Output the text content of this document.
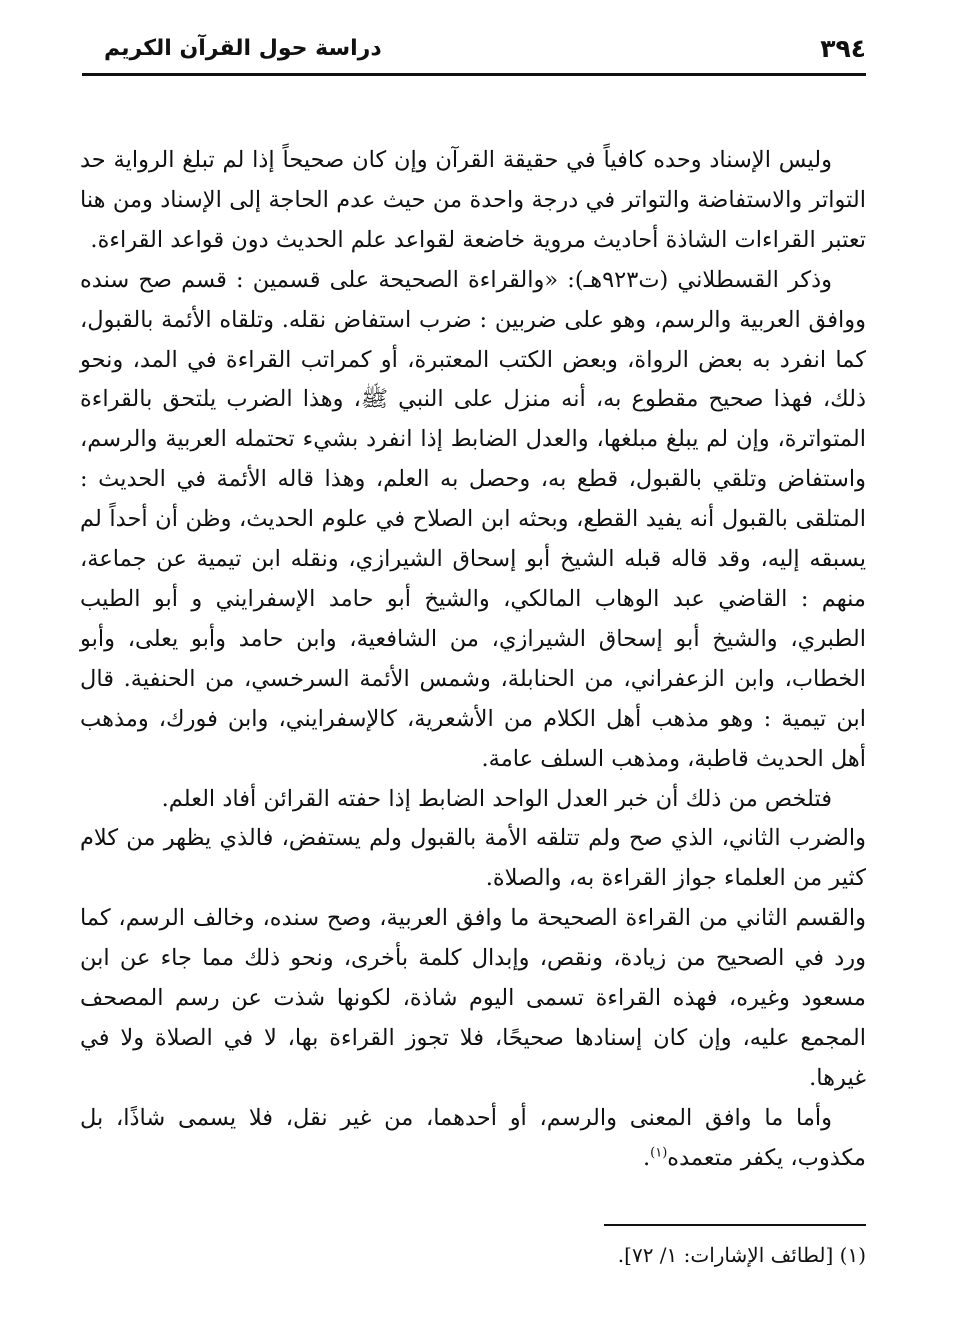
٣٩٤
دراسة حول القرآن الكريم

وليس الإسناد وحده كافياً في حقيقة القرآن وإن كان صحيحاً إذا لم تبلغ الرواية حد التواتر والاستفاضة والتواتر في درجة واحدة من حيث عدم الحاجة إلى الإسناد ومن هنا تعتبر القراءات الشاذة أحاديث مروية خاضعة لقواعد علم الحديث دون قواعد القراءة.

وذكر القسطلاني (ت٩٢٣هـ): «والقراءة الصحيحة على قسمين : قسم صح سنده ووافق العربية والرسم، وهو على ضربين : ضرب استفاض نقله. وتلقاه الأئمة بالقبول، كما انفرد به بعض الرواة، وبعض الكتب المعتبرة، أو كمراتب القراءة في المد، ونحو ذلك، فهذا صحيح مقطوع به، أنه منزل على النبي ﷺ، وهذا الضرب يلتحق بالقراءة المتواترة، وإن لم يبلغ مبلغها، والعدل الضابط إذا انفرد بشيء تحتمله العربية والرسم، واستفاض وتلقي بالقبول، قطع به، وحصل به العلم، وهذا قاله الأئمة في الحديث : المتلقى بالقبول أنه يفيد القطع، وبحثه ابن الصلاح في علوم الحديث، وظن أن أحداً لم يسبقه إليه، وقد قاله قبله الشيخ أبو إسحاق الشيرازي، ونقله ابن تيمية عن جماعة، منهم : القاضي عبد الوهاب المالكي، والشيخ أبو حامد الإسفرايني و أبو الطيب الطبري، والشيخ أبو إسحاق الشيرازي، من الشافعية، وابن حامد وأبو يعلى، وأبو الخطاب، وابن الزعفراني، من الحنابلة، وشمس الأئمة السرخسي، من الحنفية. قال ابن تيمية : وهو مذهب أهل الكلام من الأشعرية، كالإسفرايني، وابن فورك، ومذهب أهل الحديث قاطبة، ومذهب السلف عامة.

فتلخص من ذلك أن خبر العدل الواحد الضابط إذا حفته القرائن أفاد العلم.

والضرب الثاني، الذي صح ولم تتلقه الأمة بالقبول ولم يستفض، فالذي يظهر من كلام كثير من العلماء جواز القراءة به، والصلاة.

والقسم الثاني من القراءة الصحيحة ما وافق العربية، وصح سنده، وخالف الرسم، كما ورد في الصحيح من زيادة، ونقص، وإبدال كلمة بأخرى، ونحو ذلك مما جاء عن ابن مسعود وغيره، فهذه القراءة تسمى اليوم شاذة، لكونها شذت عن رسم المصحف المجمع عليه، وإن كان إسنادها صحيحًا، فلا تجوز القراءة بها، لا في الصلاة ولا في غيرها.

وأما ما وافق المعنى والرسم، أو أحدهما، من غير نقل، فلا يسمى شاذًا، بل مكذوب، يكفر متعمده$^{(١)}$.

(١) [لطائف الإشارات: ١/ ٧٢].
